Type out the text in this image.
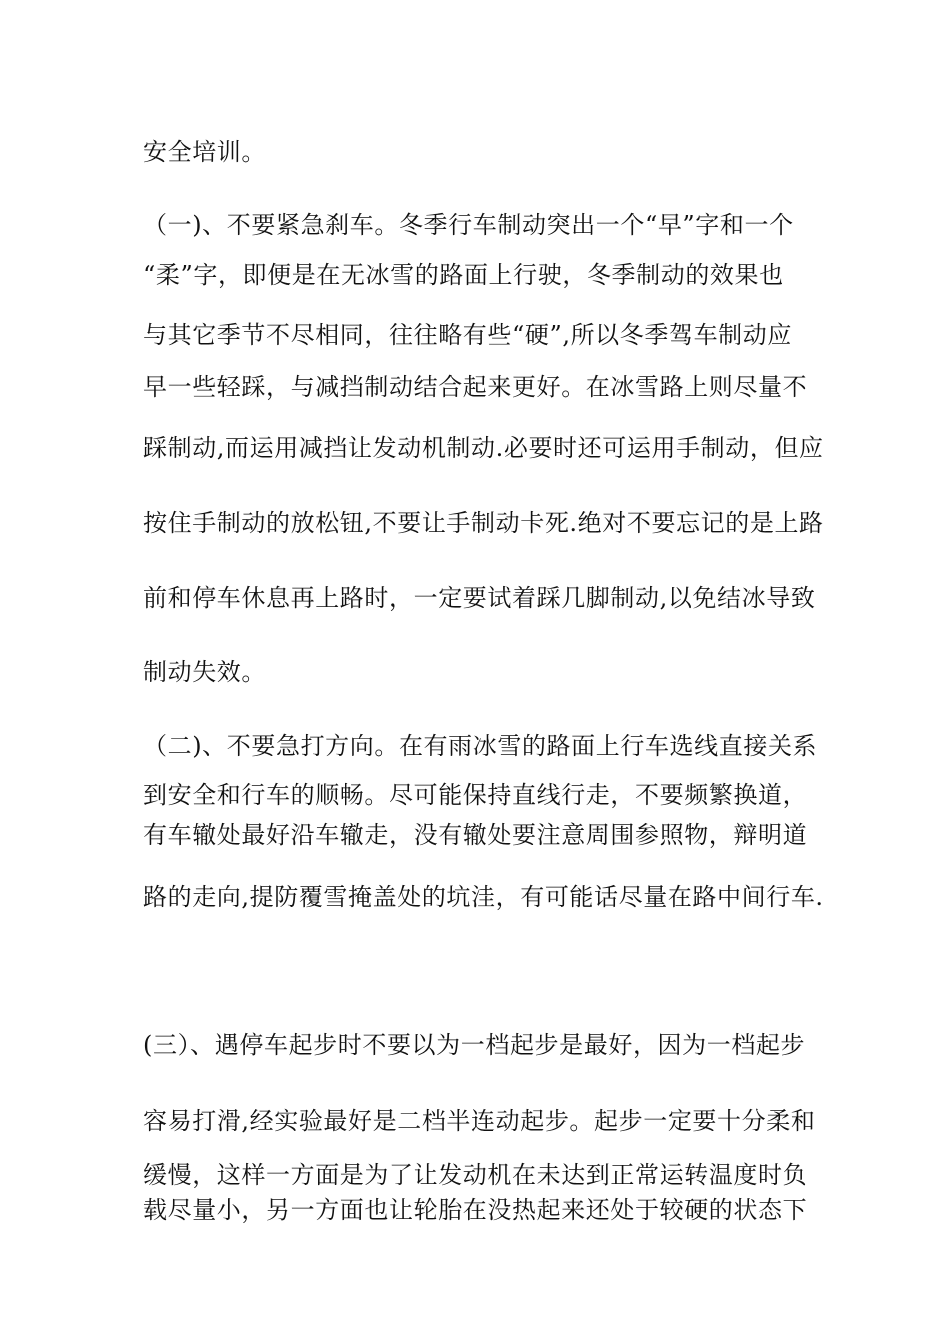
安全培训。
（一)、不要紧急刹车。冬季行车制动突出一个“早”字和一个
“柔”字，即便是在无冰雪的路面上行驶，冬季制动的效果也
与其它季节不尽相同，往往略有些“硬”,所以冬季驾车制动应
早一些轻踩，与减挡制动结合起来更好。在冰雪路上则尽量不
踩制动,而运用减挡让发动机制动.必要时还可运用手制动，但应
按住手制动的放松钮,不要让手制动卡死.绝对不要忘记的是上路
前和停车休息再上路时，一定要试着踩几脚制动,以免结冰导致
制动失效。
（二)、不要急打方向。在有雨冰雪的路面上行车选线直接关系
到安全和行车的顺畅。尽可能保持直线行走，不要频繁换道，
有车辙处最好沿车辙走，没有辙处要注意周围参照物，辩明道
路的走向,提防覆雪掩盖处的坑洼，有可能话尽量在路中间行车.
(三）、遇停车起步时不要以为一档起步是最好，因为一档起步
容易打滑,经实验最好是二档半连动起步。起步一定要十分柔和
缓慢，这样一方面是为了让发动机在未达到正常运转温度时负
载尽量小，另一方面也让轮胎在没热起来还处于较硬的状态下
